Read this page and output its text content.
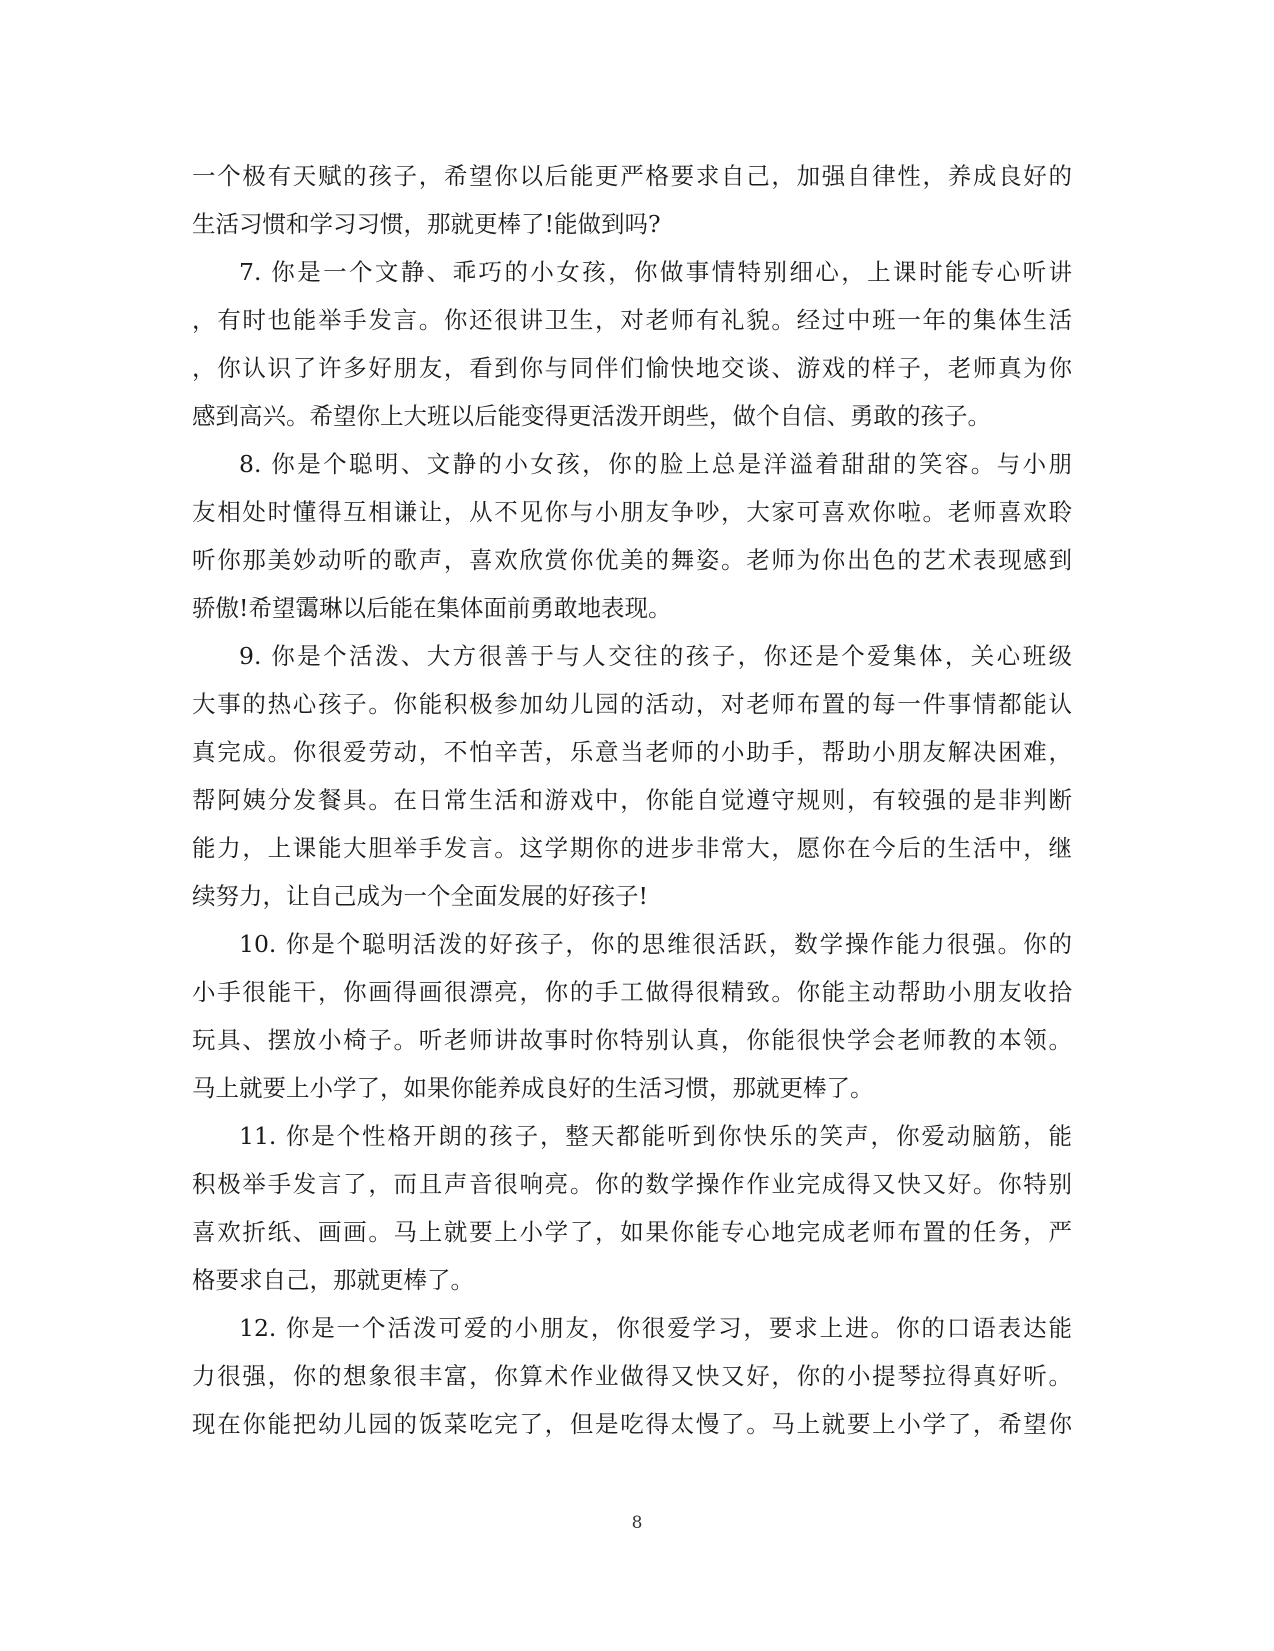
一个极有天赋的孩子，希望你以后能更严格要求自己，加强自律性，养成良好的
生活习惯和学习习惯，那就更棒了!能做到吗?
7. 你是一个文静、乖巧的小女孩，你做事情特别细心，上课时能专心听讲
，有时也能举手发言。你还很讲卫生，对老师有礼貌。经过中班一年的集体生活
，你认识了许多好朋友，看到你与同伴们愉快地交谈、游戏的样子，老师真为你
感到高兴。希望你上大班以后能变得更活泼开朗些，做个自信、勇敢的孩子。
8. 你是个聪明、文静的小女孩，你的脸上总是洋溢着甜甜的笑容。与小朋
友相处时懂得互相谦让，从不见你与小朋友争吵，大家可喜欢你啦。老师喜欢聆
听你那美妙动听的歌声，喜欢欣赏你优美的舞姿。老师为你出色的艺术表现感到
骄傲!希望霭琳以后能在集体面前勇敢地表现。
9. 你是个活泼、大方很善于与人交往的孩子，你还是个爱集体，关心班级
大事的热心孩子。你能积极参加幼儿园的活动，对老师布置的每一件事情都能认
真完成。你很爱劳动，不怕辛苦，乐意当老师的小助手，帮助小朋友解决困难，
帮阿姨分发餐具。在日常生活和游戏中，你能自觉遵守规则，有较强的是非判断
能力，上课能大胆举手发言。这学期你的进步非常大，愿你在今后的生活中，继
续努力，让自己成为一个全面发展的好孩子!
10. 你是个聪明活泼的好孩子，你的思维很活跃，数学操作能力很强。你的
小手很能干，你画得画很漂亮，你的手工做得很精致。你能主动帮助小朋友收拾
玩具、摆放小椅子。听老师讲故事时你特别认真，你能很快学会老师教的本领。
马上就要上小学了，如果你能养成良好的生活习惯，那就更棒了。
11. 你是个性格开朗的孩子，整天都能听到你快乐的笑声，你爱动脑筋，能
积极举手发言了，而且声音很响亮。你的数学操作作业完成得又快又好。你特别
喜欢折纸、画画。马上就要上小学了，如果你能专心地完成老师布置的任务，严
格要求自己，那就更棒了。
12. 你是一个活泼可爱的小朋友，你很爱学习，要求上进。你的口语表达能
力很强，你的想象很丰富，你算术作业做得又快又好，你的小提琴拉得真好听。
现在你能把幼儿园的饭菜吃完了，但是吃得太慢了。马上就要上小学了，希望你
8
